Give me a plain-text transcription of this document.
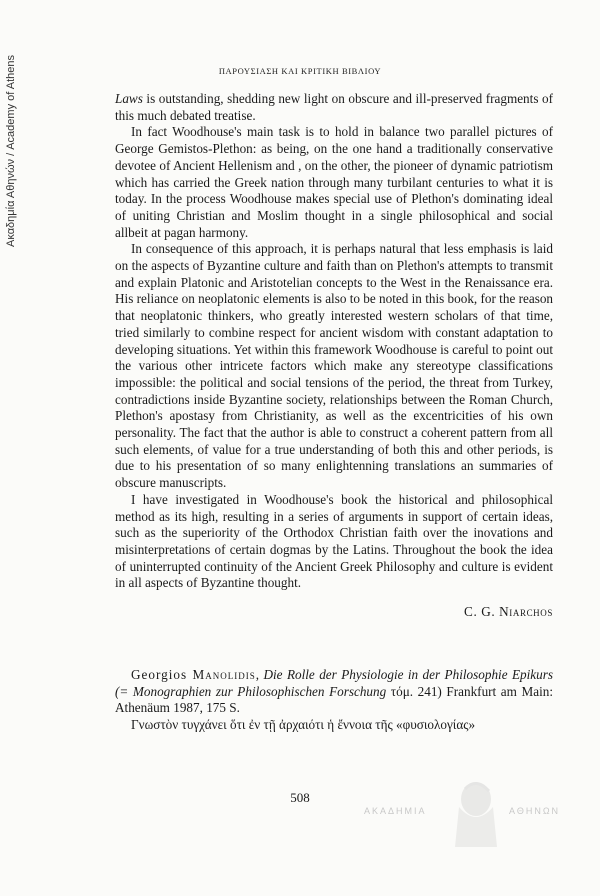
Ακαδημία Αθηνών / Academy of Athens	ΠΑΡΟΥΣΙΑΣΗ ΚΑΙ ΚΡΙΤΙΚΗ ΒΙΒΛΙΟΥ

Laws is outstanding, shedding new light on obscure and ill-preserved fragments of this much debated treatise.

In fact Woodhouse's main task is to hold in balance two parallel pictures of George Gemistos-Plethon: as being, on the one hand a traditionally conservative devotee of Ancient Hellenism and , on the other, the pioneer of dynamic patriotism which has carried the Greek nation through many turbilant centuries to what it is today. In the process Woodhouse makes special use of Plethon's dominating ideal of uniting Christian and Moslim thought in a single philosophical and social allbeit at pagan harmony.

In consequence of this approach, it is perhaps natural that less emphasis is laid on the aspects of Byzantine culture and faith than on Plethon's attempts to transmit and explain Platonic and Aristotelian concepts to the West in the Renaissance era. His reliance on neoplatonic elements is also to be noted in this book, for the reason that neoplatonic thinkers, who greatly interested western scholars of that time, tried similarly to combine respect for ancient wisdom with constant adaptation to developing situations. Yet within this framework Woodhouse is careful to point out the various other intricete factors which make any stereotype classifications impossible: the political and social tensions of the period, the threat from Turkey, contradictions inside Byzantine society, relationships between the Roman Church, Plethon's apostasy from Christianity, as well as the excentricities of his own personality. The fact that the author is able to construct a coherent pattern from all such elements, of value for a true understanding of both this and other periods, is due to his presentation of so many enlightenning translations an summaries of obscure manuscripts.

I have investigated in Woodhouse's book the historical and philosophical method as its high, resulting in a series of arguments in support of certain ideas, such as the superiority of the Orthodox Christian faith over the inovations and misinterpretations of certain dogmas by the Latins. Throughout the book the idea of uninterrupted continuity of the Ancient Greek Philosophy and culture is evident in all aspects of Byzantine thought.

C. G. Niarchos

Georgios Manolidis, Die Rolle der Physiologie in der Philosophie Epikurs (= Monographien zur Philosophischen Forschung τόμ. 241) Frankfurt am Main: Athenäum 1987, 175 S.

Γνωστὸν τυγχάνει ὅτι ἐν τῇ ἀρχαιότι ἡ ἔννοια τῆς «φυσιολογίας»

508
ΑΚΑΔΗΜΙΑ	ΑΘΗΝΩΝ
